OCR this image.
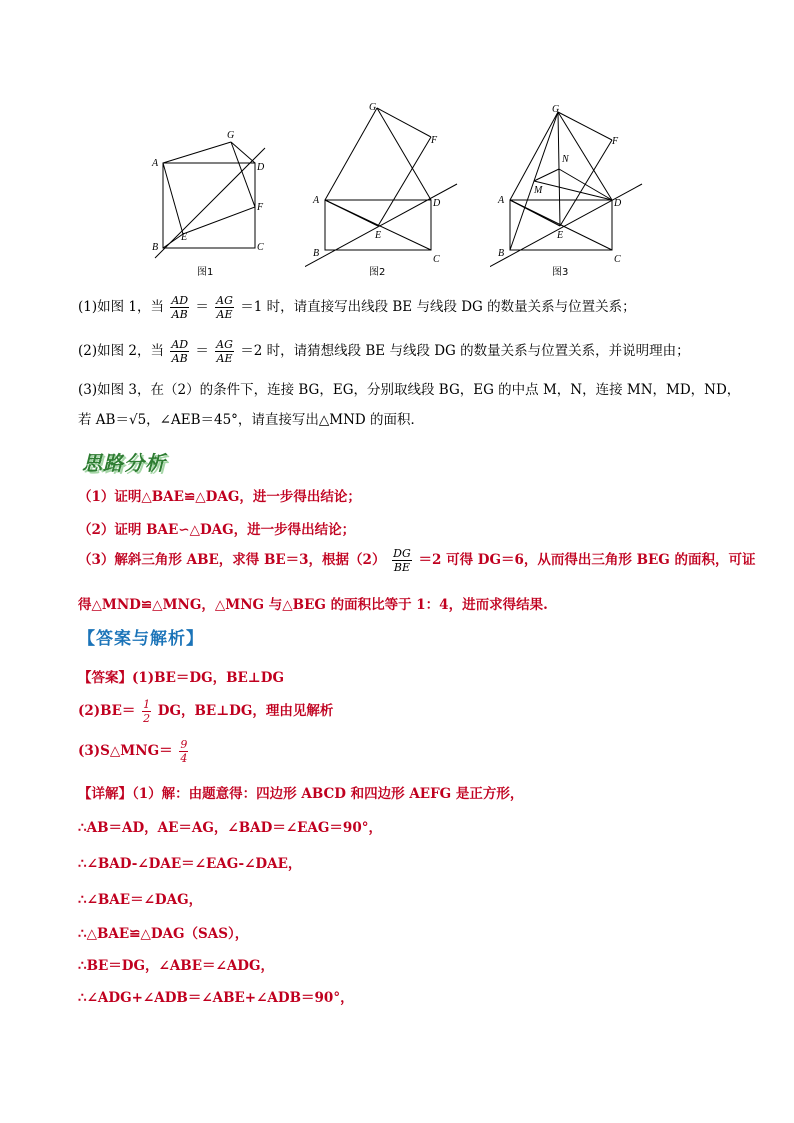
A
B	C
D
E
F
G
图1
A
B
C
D
E
F
G
图2
A
B
C
D
E
F
G
M
N
图3
(1)如图 1，当 $\frac{AD}{AB} = \frac{AG}{AE} =1$ 时，请直接写出线段 BE 与线段 DG 的数量关系与位置关系；
(2)如图 2，当 $\frac{AD}{AB} = \frac{AG}{AE} =2$ 时，请猜想线段 BE 与线段 DG 的数量关系与位置关系，并说明理由；
(3)如图 3，在（2）的条件下，连接 BG，EG，分别取线段 BG，EG 的中点 M，N，连接 MN，MD，ND，
若 AB＝√5，∠AEB＝45°，请直接写出△MND 的面积．
思路分析
（1）证明△BAE≌△DAG，进一步得出结论；
（2）证明 BAE∽△DAG，进一步得出结论；
（3）解斜三角形 ABE，求得 BE＝3，根据$(2) \frac{DG}{BE} =2$ 可得 DG＝6，从而得出三角形 BEG 的面积，可证
得△MND≌△MNG，△MNG 与△BEG 的面积比等于 1：4，进而求得结果.
【答案与解析】
【答案】(1)BE＝DG，BE⊥DG
$(2)BE= \frac{1}{2}$ DG，BE⊥DG，理由见解析
(3)S△MNG＝ $\frac{9}{4}$
【详解】（1）解：由题意得：四边形 ABCD 和四边形 AEFG 是正方形，
∴AB＝AD，AE＝AG，∠BAD＝∠EAG＝90°，
∴∠BAD-∠DAE＝∠EAG-∠DAE，
∴∠BAE＝∠DAG，
∴△BAE≌△DAG（SAS），
∴BE＝DG，∠ABE＝∠ADG，
∴∠ADG+∠ADB＝∠ABE+∠ADB＝90°，
